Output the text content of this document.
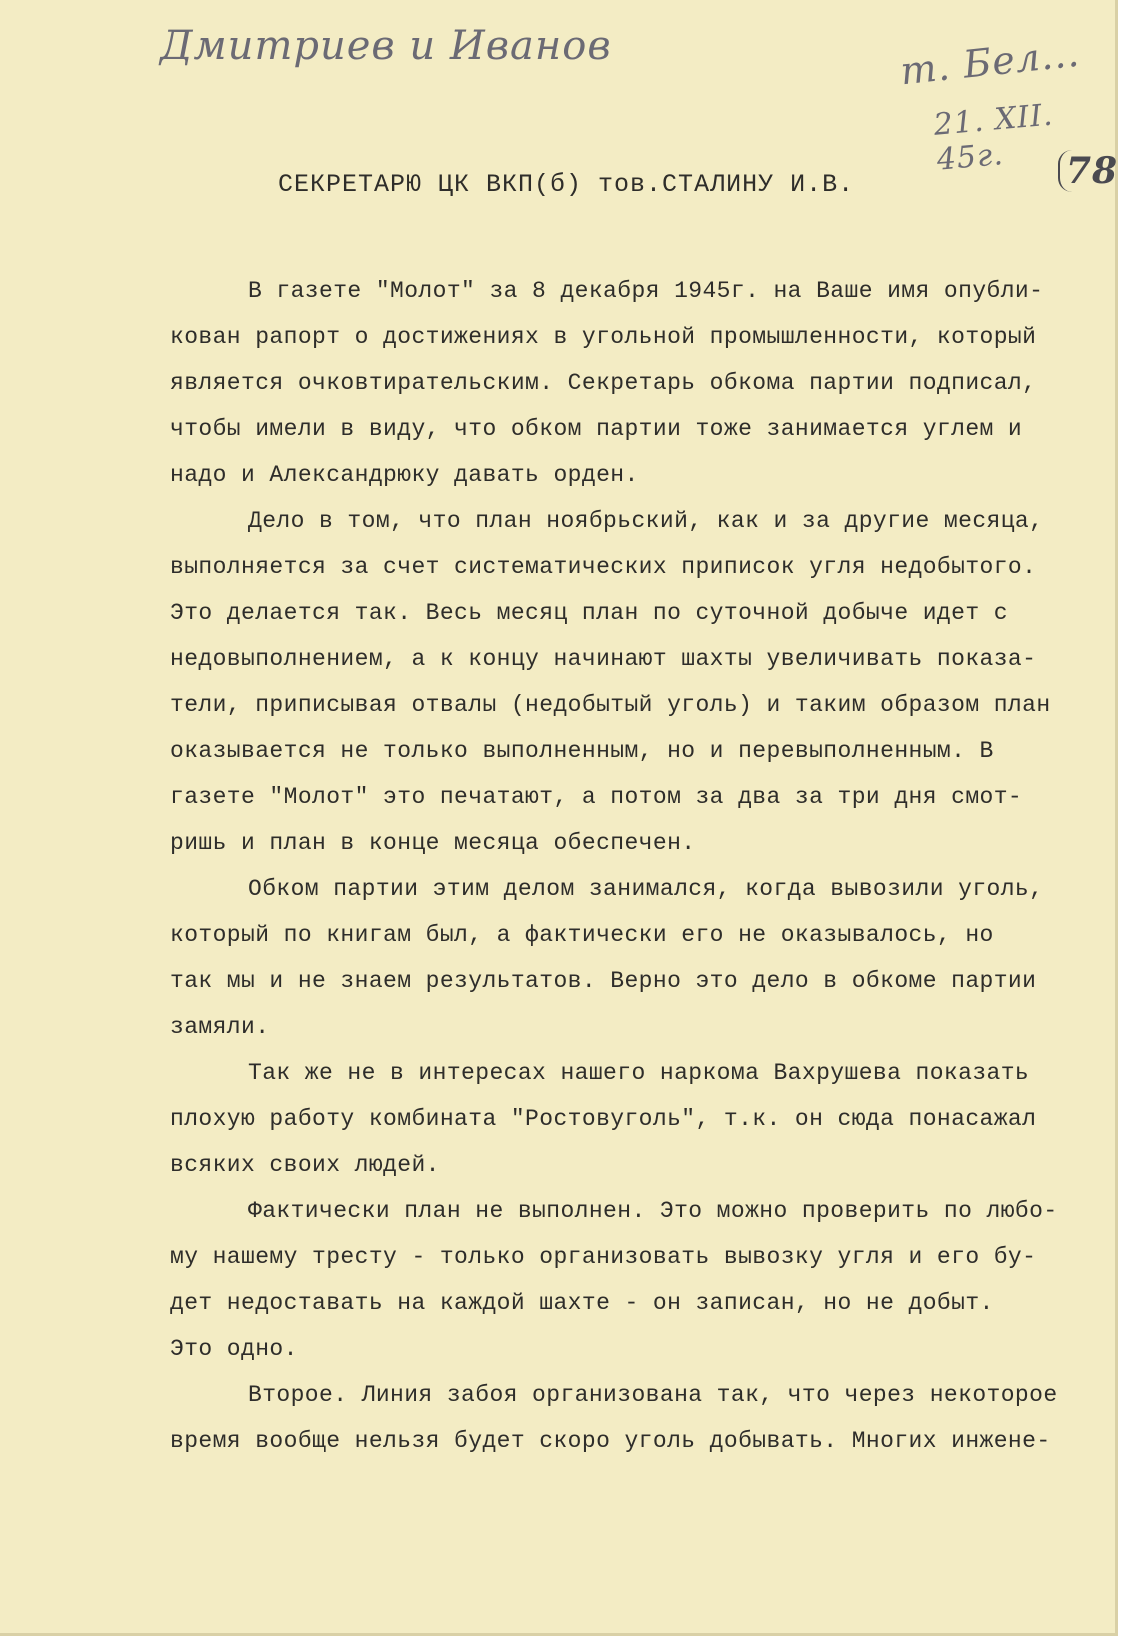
Дмитриев и Иванов	т. Бел...
21. XII. 45г.	78
СЕКРЕТАРЮ ЦК ВКП(б) тов.СТАЛИНУ И.В.
В газете "Молот" за 8 декабря 1945г. на Ваше имя опубли-
кован рапорт о достижениях в угольной промышленности, который
является очковтирательским. Секретарь обкома партии подписал,
чтобы имели в виду, что обком партии тоже занимается углем и
надо и Александрюку давать орден.
Дело в том, что план ноябрьский, как и за другие месяца,
выполняется за счет систематических приписок угля недобытого.
Это делается так. Весь месяц план по суточной добыче идет с
недовыполнением, а к концу начинают шахты увеличивать показа-
тели, приписывая отвалы (недобытый уголь) и таким образом план
оказывается не только выполненным, но и перевыполненным. В
газете "Молот" это печатают, а потом за два за три дня смот-
ришь и план в конце месяца обеспечен.
Обком партии этим делом занимался, когда вывозили уголь,
который по книгам был, а фактически его не оказывалось, но
так мы и не знаем результатов. Верно это дело в обкоме партии
замяли.
Так же не в интересах нашего наркома Вахрушева показать
плохую работу комбината "Ростовуголь", т.к. он сюда понасажал
всяких своих людей.
Фактически план не выполнен. Это можно проверить по любо-
му нашему тресту - только организовать вывозку угля и его бу-
дет недоставать на каждой шахте - он записан, но не добыт.
Это одно.
Второе. Линия забоя организована так, что через некоторое
время вообще нельзя будет скоро уголь добывать. Многих инжене-
